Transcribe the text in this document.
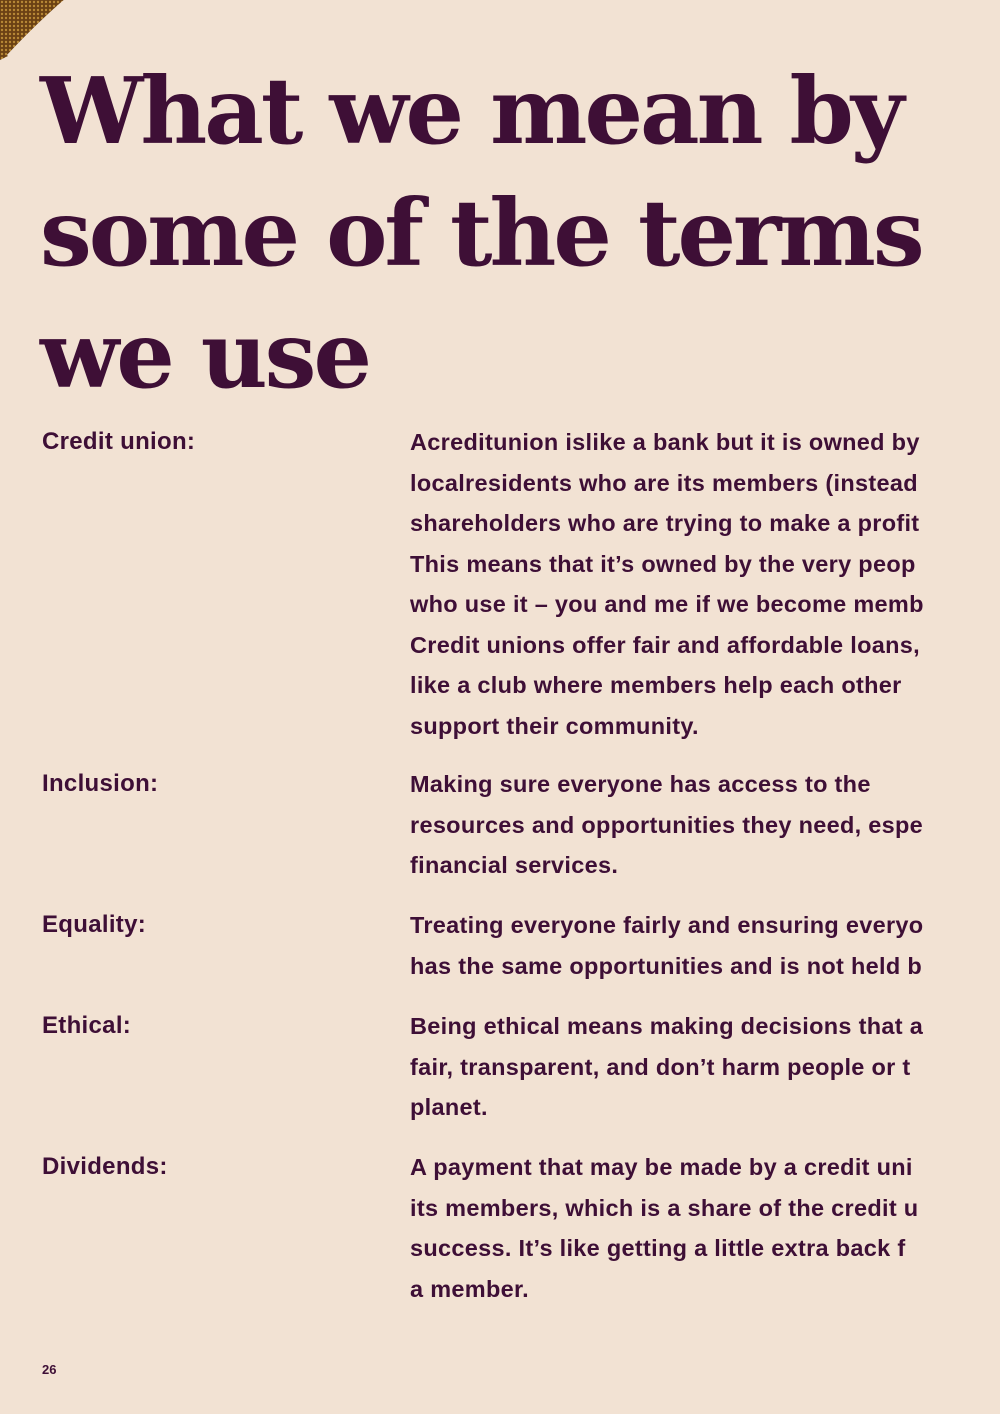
What we mean by
some of the terms
we use
Credit union:	Acreditunion islike a bank but it is owned by
localresidents who are its members (instead
shareholders who are trying to make a profit
This means that it’s owned by the very peop
who use it – you and me if we become memb
Credit unions offer fair and affordable loans,
like a club where members help each other
support their community.
Inclusion:	Making sure everyone has access to the
resources and opportunities they need, espe
financial services.
Equality:	Treating everyone fairly and ensuring everyo
has the same opportunities and is not held b
Ethical:	Being ethical means making decisions that a
fair, transparent, and don’t harm people or t
planet.
Dividends:	A payment that may be made by a credit uni
its members, which is a share of the credit u
success. It’s like getting a little extra back f
a member.
26
